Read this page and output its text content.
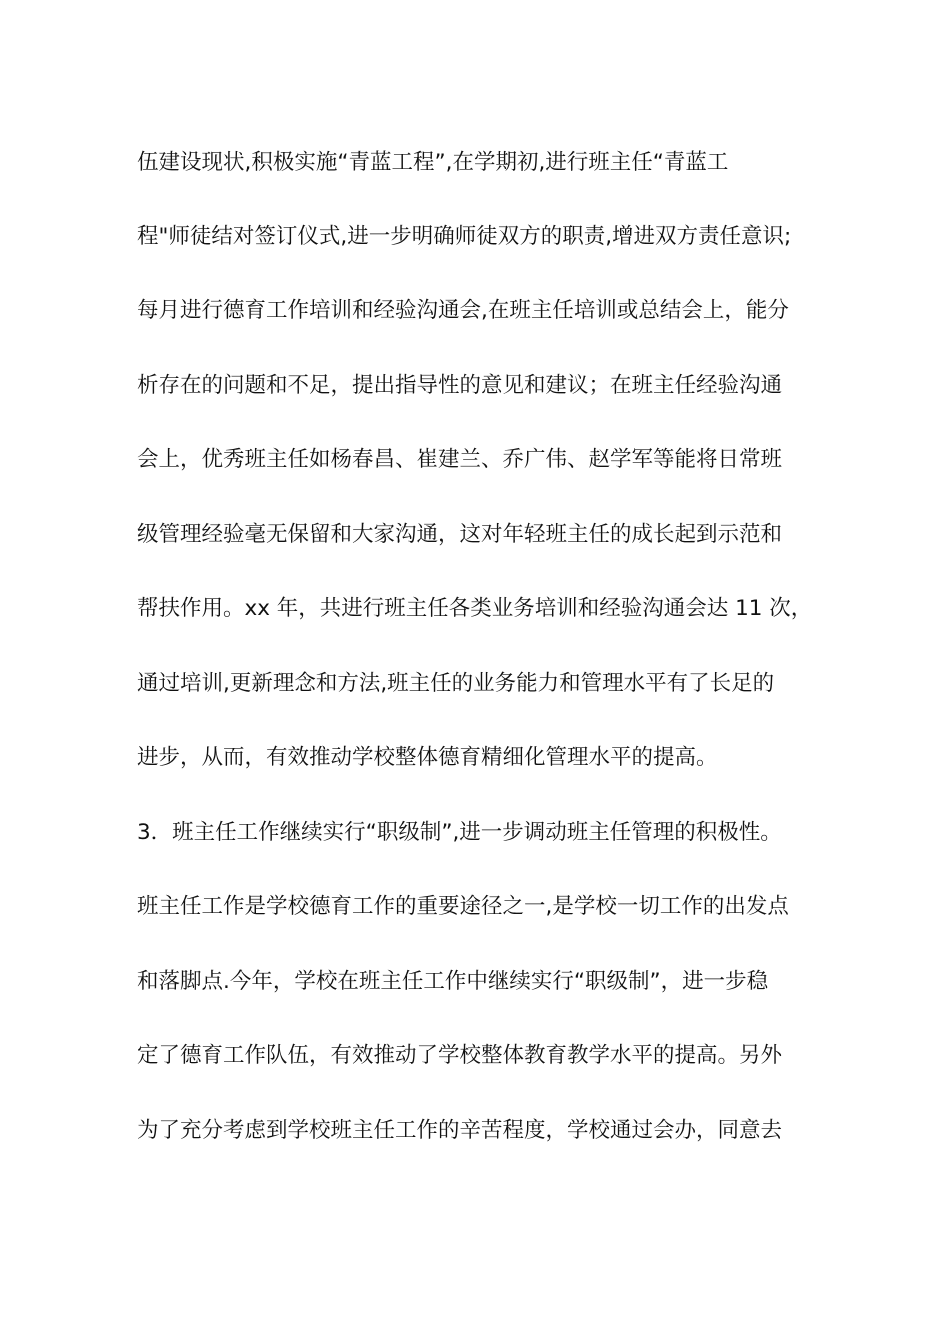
伍建设现状,积极实施“青蓝工程”,在学期初,进行班主任“青蓝工
程"师徒结对签订仪式,进一步明确师徒双方的职责,增进双方责任意识;
每月进行德育工作培训和经验沟通会,在班主任培训或总结会上，能分
析存在的问题和不足，提出指导性的意见和建议；在班主任经验沟通
会上，优秀班主任如杨春昌、崔建兰、乔广伟、赵学军等能将日常班
级管理经验毫无保留和大家沟通，这对年轻班主任的成长起到示范和
帮扶作用。xx 年，共进行班主任各类业务培训和经验沟通会达 11 次，
通过培训,更新理念和方法,班主任的业务能力和管理水平有了长足的
进步，从而，有效推动学校整体德育精细化管理水平的提高。
3．班主任工作继续实行“职级制”,进一步调动班主任管理的积极性。
班主任工作是学校德育工作的重要途径之一,是学校一切工作的出发点
和落脚点.今年，学校在班主任工作中继续实行“职级制”，进一步稳
定了德育工作队伍，有效推动了学校整体教育教学水平的提高。另外
为了充分考虑到学校班主任工作的辛苦程度，学校通过会办，同意去
